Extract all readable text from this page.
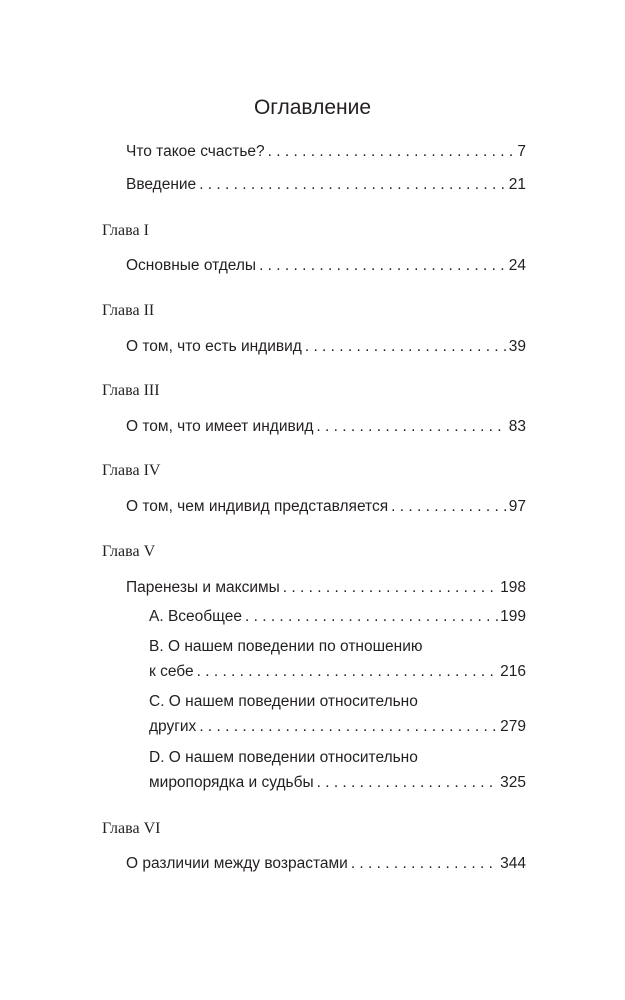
Оглавление
Что такое счастье? . . .	7
Введение . . .	21
Глава I
Основные отделы . . .	24
Глава II
О том, что есть индивид . . .	39
Глава III
О том, что имеет индивид . . .	83
Глава IV
О том, чем индивид представляется . . .	97
Глава V
Парeнезы и максимы . . .	198
А. Всеобщее . . .	199
B. О нашем поведении по отношению
к себе . . .	216
C. О нашем поведении относительно
других . . .	279
D. О нашем поведении относительно
миропорядка и судьбы . . .	325
Глава VI
О различии между возрастами . . .	344
